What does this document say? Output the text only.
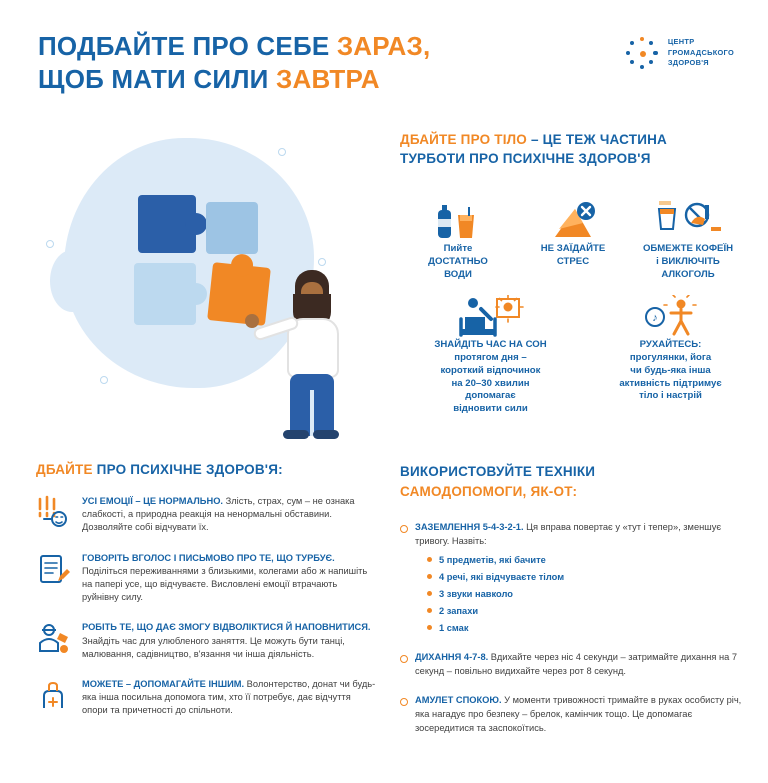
ПОДБАЙТЕ ПРО СЕБЕ ЗАРАЗ,
ЩОБ МАТИ СИЛИ ЗАВТРА
ЦЕНТР
ГРОМАДСЬКОГО
ЗДОРОВ'Я
ДБАЙТЕ ПРО ТІЛО – ЦЕ ТЕЖ ЧАСТИНА
ТУРБОТИ ПРО ПСИХІЧНЕ ЗДОРОВ'Я
Пийте
ДОСТАТНЬО
ВОДИ
НЕ ЗАЇДАЙТЕ
СТРЕС
ОБМЕЖТЕ КОФЕЇН
і ВИКЛЮЧІТЬ
АЛКОГОЛЬ
ЗНАЙДІТЬ ЧАС НА СОН
протягом дня –
короткий відпочинок
на 20–30 хвилин
допомагає
відновити сили
♪
РУХАЙТЕСЬ:
прогулянки, йога
чи будь-яка інша
активність підтримує
тіло і настрій
ДБАЙТЕ ПРО ПСИХІЧНЕ ЗДОРОВ'Я:
УСІ ЕМОЦІЇ – ЦЕ НОРМАЛЬНО. Злість, страх, сум – не ознака слабкості, а природна реакція на ненормальні обставини. Дозволяйте собі відчувати їх.
ГОВОРІТЬ ВГОЛОС І ПИСЬМОВО ПРО ТЕ, ЩО ТУРБУЄ. Поділіться переживаннями з близькими, колегами або ж напишіть на папері усе, що відчуваєте. Висловлені емоції втрачають руйнівну силу.
РОБІТЬ ТЕ, ЩО ДАЄ ЗМОГУ ВІДВОЛІКТИСЯ Й НАПОВНИТИСЯ. Знайдіть час для улюбленого заняття. Це можуть бути танці, малювання, садівництво, в'язання чи інша діяльність.
МОЖЕТЕ – ДОПОМАГАЙТЕ ІНШИМ. Волонтерство, донат чи будь-яка інша посильна допомога тим, хто її потребує, дає відчуття опори та причетності до спільноти.
ВИКОРИСТОВУЙТЕ ТЕХНІКИ
САМОДОПОМОГИ, ЯК-ОТ:
ЗАЗЕМЛЕННЯ 5-4-3-2-1. Ця вправа повертає у «тут і тепер», зменшує тривогу. Назвіть:
5 предметів, які бачите
4 речі, які відчуваєте тілом
3 звуки навколо
2 запахи
1 смак
ДИХАННЯ 4-7-8. Вдихайте через ніс 4 секунди – затримайте дихання на 7 секунд – повільно видихайте через рот 8 секунд.
АМУЛЕТ СПОКОЮ. У моменти тривожності тримайте в руках особисту річ, яка нагадує про безпеку – брелок, камінчик тощо. Це допомагає зосередитися та заспокоїтись.
